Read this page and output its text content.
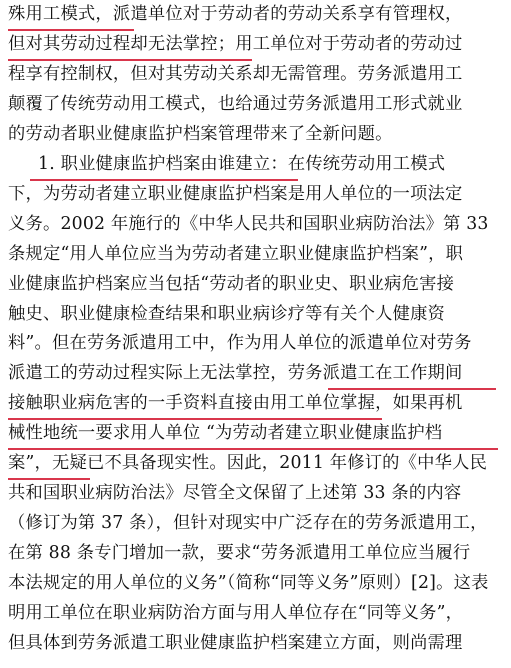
殊用工模式，派遣单位对于劳动者的劳动关系享有管理权，
但对其劳动过程却无法掌控；用工单位对于劳动者的劳动过
程享有控制权，但对其劳动关系却无需管理。劳务派遣用工
颠覆了传统劳动用工模式，也给通过劳务派遣用工形式就业
的劳动者职业健康监护档案管理带来了全新问题。
1. 职业健康监护档案由谁建立：在传统劳动用工模式
下，为劳动者建立职业健康监护档案是用人单位的一项法定
义务。2002 年施行的《中华人民共和国职业病防治法》第 33
条规定“用人单位应当为劳动者建立职业健康监护档案”，职
业健康监护档案应当包括“劳动者的职业史、职业病危害接
触史、职业健康检查结果和职业病诊疗等有关个人健康资
料”。但在劳务派遣用工中，作为用人单位的派遣单位对劳务
派遣工的劳动过程实际上无法掌控，劳务派遣工在工作期间
接触职业病危害的一手资料直接由用工单位掌握，如果再机
械性地统一要求用人单位 “为劳动者建立职业健康监护档
案”，无疑已不具备现实性。因此，2011 年修订的《中华人民
共和国职业病防治法》尽管全文保留了上述第 33 条的内容
（修订为第 37 条），但针对现实中广泛存在的劳务派遣用工，
在第 88 条专门增加一款，要求“劳务派遣用工单位应当履行
本法规定的用人单位的义务”（简称“同等义务”原则）[2]。这表
明用工单位在职业病防治方面与用人单位存在“同等义务”，
但具体到劳务派遣工职业健康监护档案建立方面，则尚需理
